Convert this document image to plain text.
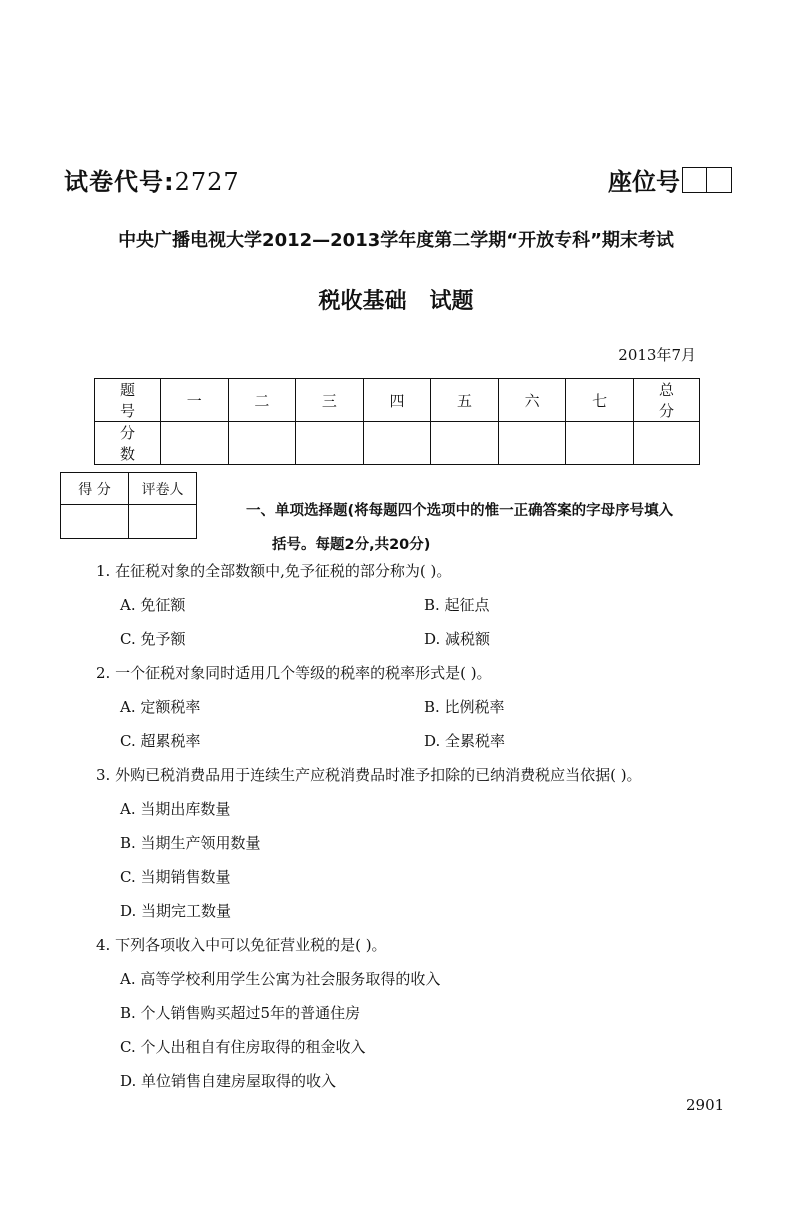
试卷代号:2727	座位号
中央广播电视大学2012—2013学年度第二学期“开放专科”期末考试
税收基础   试题
2013年7月
题 号	一	二	三	四	五	六	七	总 分
分 数								
得 分	评卷人

一、单项选择题(将每题四个选项中的惟一正确答案的字母序号填入
括号。每题2分,共20分)
1. 在征税对象的全部数额中,免予征税的部分称为( )。
A. 免征额	B. 起征点
C. 免予额	D. 减税额
2. 一个征税对象同时适用几个等级的税率的税率形式是( )。
A. 定额税率	B. 比例税率
C. 超累税率	D. 全累税率
3. 外购已税消费品用于连续生产应税消费品时准予扣除的已纳消费税应当依据( )。
A. 当期出库数量
B. 当期生产领用数量
C. 当期销售数量
D. 当期完工数量
4. 下列各项收入中可以免征营业税的是( )。
A. 高等学校利用学生公寓为社会服务取得的收入
B. 个人销售购买超过5年的普通住房
C. 个人出租自有住房取得的租金收入
D. 单位销售自建房屋取得的收入
2901
